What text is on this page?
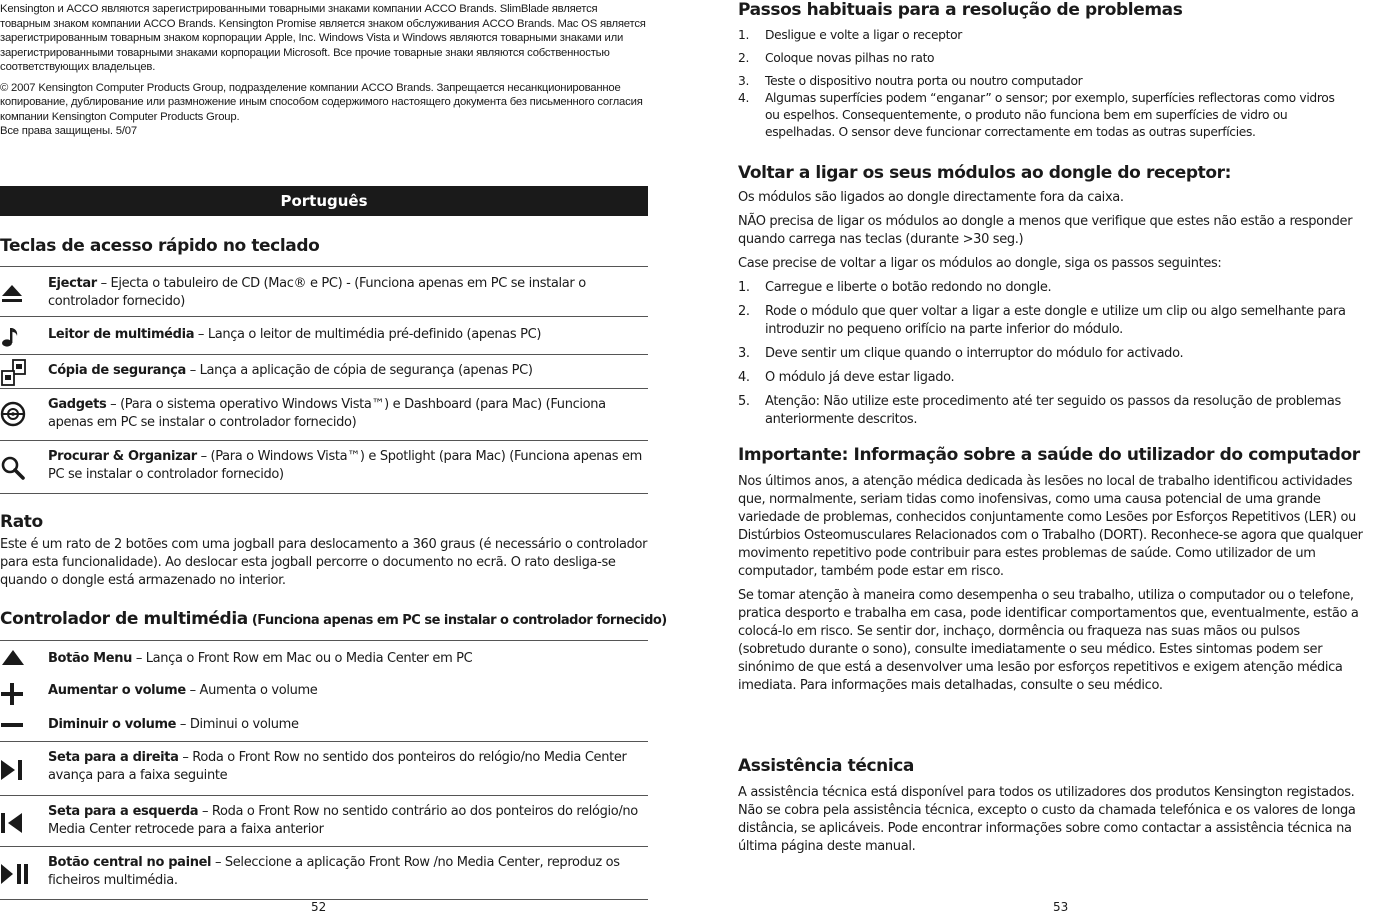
Kensington и ACCO являются зарегистрированными товарными знаками компании ACCO Brands. SlimBlade является товарным знаком компании ACCO Brands. Kensington Promise является знаком обслуживания ACCO Brands. Mac OS является зарегистрированным товарным знаком корпорации Apple, Inc. Windows Vista и Windows являются товарными знаками или зарегистрированными товарными знаками корпорации Microsoft. Все прочие товарные знаки являются собственностью соответствующих владельцев.

© 2007 Kensington Computer Products Group, подразделение компании ACCO Brands. Запрещается несанкционированное копирование, дублирование или размножение иным способом содержимого настоящего документа без письменного согласия компании Kensington Computer Products Group.

Все права защищены. 5/07

Português
Teclas de acesso rápido no teclado
Ejectar – Ejecta o tabuleiro de CD (Mac® e PC) - (Funciona apenas em PC se instalar o controlador fornecido)
Leitor de multimédia – Lança o leitor de multimédia pré-definido (apenas PC)
Cópia de segurança – Lança a aplicação de cópia de segurança (apenas PC)
Gadgets – (Para o sistema operativo Windows Vista™) e Dashboard (para Mac) (Funciona apenas em PC se instalar o controlador fornecido)
Procurar & Organizar – (Para o Windows Vista™) e Spotlight (para Mac) (Funciona apenas em PC se instalar o controlador fornecido)
Rato
Este é um rato de 2 botões com uma jogball para deslocamento a 360 graus (é necessário o controlador para esta funcionalidade). Ao deslocar esta jogball percorre o documento no ecrã. O rato desliga-se quando o dongle está armazenado no interior.
Controlador de multimédia (Funciona apenas em PC se instalar o controlador fornecido)
Botão Menu – Lança o Front Row em Mac ou o Media Center em PC
Aumentar o volume – Aumenta o volume
Diminuir o volume – Diminui o volume
Seta para a direita – Roda o Front Row no sentido dos ponteiros do relógio/no Media Center avança para a faixa seguinte
Seta para a esquerda – Roda o Front Row no sentido contrário ao dos ponteiros do relógio/no Media Center retrocede para a faixa anterior
Botão central no painel – Seleccione a aplicação Front Row /no Media Center, reproduz os ficheiros multimédia.
52
Passos habituais para a resolução de problemas
1. Desligue e volte a ligar o receptor
2. Coloque novas pilhas no rato
3. Teste o dispositivo noutra porta ou noutro computador
4. Algumas superfícies podem “enganar” o sensor; por exemplo, superfícies reflectoras como vidros ou espelhos. Consequentemente, o produto não funciona bem em superfícies de vidro ou espelhadas. O sensor deve funcionar correctamente em todas as outras superfícies.
Voltar a ligar os seus módulos ao dongle do receptor:
Os módulos são ligados ao dongle directamente fora da caixa.
NÃO precisa de ligar os módulos ao dongle a menos que verifique que estes não estão a responder quando carrega nas teclas (durante >30 seg.)
Case precise de voltar a ligar os módulos ao dongle, siga os passos seguintes:
1. Carregue e liberte o botão redondo no dongle.
2. Rode o módulo que quer voltar a ligar a este dongle e utilize um clip ou algo semelhante para introduzir no pequeno orifício na parte inferior do módulo.
3. Deve sentir um clique quando o interruptor do módulo for activado.
4. O módulo já deve estar ligado.
5. Atenção: Não utilize este procedimento até ter seguido os passos da resolução de problemas anteriormente descritos.
Importante: Informação sobre a saúde do utilizador do computador
Nos últimos anos, a atenção médica dedicada às lesões no local de trabalho identificou actividades que, normalmente, seriam tidas como inofensivas, como uma causa potencial de uma grande variedade de problemas, conhecidos conjuntamente como Lesões por Esforços Repetitivos (LER) ou Distúrbios Osteomusculares Relacionados com o Trabalho (DORT). Reconhece-se agora que qualquer movimento repetitivo pode contribuir para estes problemas de saúde. Como utilizador de um computador, também pode estar em risco.
Se tomar atenção à maneira como desempenha o seu trabalho, utiliza o computador ou o telefone, pratica desporto e trabalha em casa, pode identificar comportamentos que, eventualmente, estão a colocá-lo em risco. Se sentir dor, inchaço, dormência ou fraqueza nas suas mãos ou pulsos (sobretudo durante o sono), consulte imediatamente o seu médico. Estes sintomas podem ser sinónimo de que está a desenvolver uma lesão por esforços repetitivos e exigem atenção médica imediata. Para informações mais detalhadas, consulte o seu médico.
Assistência técnica
A assistência técnica está disponível para todos os utilizadores dos produtos Kensington registados. Não se cobra pela assistência técnica, excepto o custo da chamada telefónica e os valores de longa distância, se aplicáveis. Pode encontrar informações sobre como contactar a assistência técnica na última página deste manual.
53
